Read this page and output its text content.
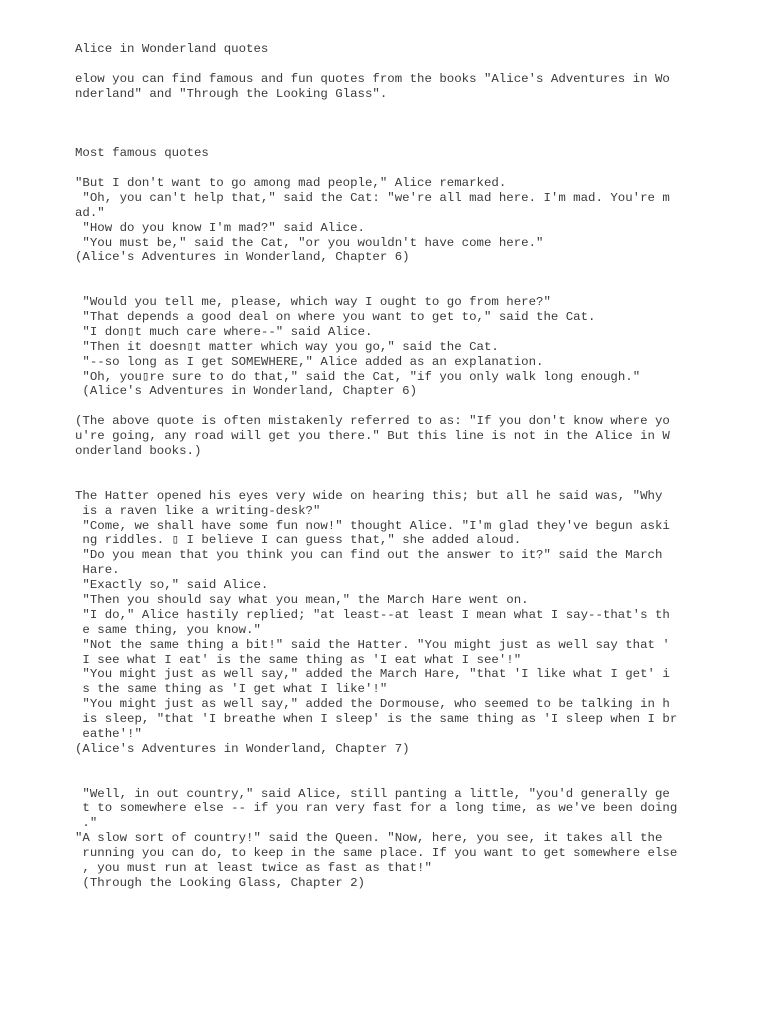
Alice in Wonderland quotes
elow you can find famous and fun quotes from the books "Alice's Adventures in Wo
nderland" and "Through the Looking Glass".
Most famous quotes
"But I don't want to go among mad people," Alice remarked.
"Oh, you can't help that," said the Cat: "we're all mad here. I'm mad. You're m
ad."
"How do you know I'm mad?" said Alice.
"You must be," said the Cat, "or you wouldn't have come here."
(Alice's Adventures in Wonderland, Chapter 6)
"Would you tell me, please, which way I ought to go from here?"
"That depends a good deal on where you want to get to," said the Cat.
"I don▯t much care where--" said Alice.
"Then it doesn▯t matter which way you go," said the Cat.
"--so long as I get SOMEWHERE," Alice added as an explanation.
"Oh, you▯re sure to do that," said the Cat, "if you only walk long enough."
(Alice's Adventures in Wonderland, Chapter 6)
(The above quote is often mistakenly referred to as: "If you don't know where yo
u're going, any road will get you there." But this line is not in the Alice in W
onderland books.)
The Hatter opened his eyes very wide on hearing this; but all he said was, "Why
is a raven like a writing-desk?"
"Come, we shall have some fun now!" thought Alice. "I'm glad they've begun aski
ng riddles. ▯ I believe I can guess that," she added aloud.
"Do you mean that you think you can find out the answer to it?" said the March
Hare.
"Exactly so," said Alice.
"Then you should say what you mean," the March Hare went on.
"I do," Alice hastily replied; "at least--at least I mean what I say--that's th
e same thing, you know."
"Not the same thing a bit!" said the Hatter. "You might just as well say that '
I see what I eat' is the same thing as 'I eat what I see'!"
"You might just as well say," added the March Hare, "that 'I like what I get' i
s the same thing as 'I get what I like'!"
"You might just as well say," added the Dormouse, who seemed to be talking in h
is sleep, "that 'I breathe when I sleep' is the same thing as 'I sleep when I br
eathe'!"
(Alice's Adventures in Wonderland, Chapter 7)
"Well, in out country," said Alice, still panting a little, "you'd generally ge
t to somewhere else -- if you ran very fast for a long time, as we've been doing
."
"A slow sort of country!" said the Queen. "Now, here, you see, it takes all the
running you can do, to keep in the same place. If you want to get somewhere else
, you must run at least twice as fast as that!"
(Through the Looking Glass, Chapter 2)
